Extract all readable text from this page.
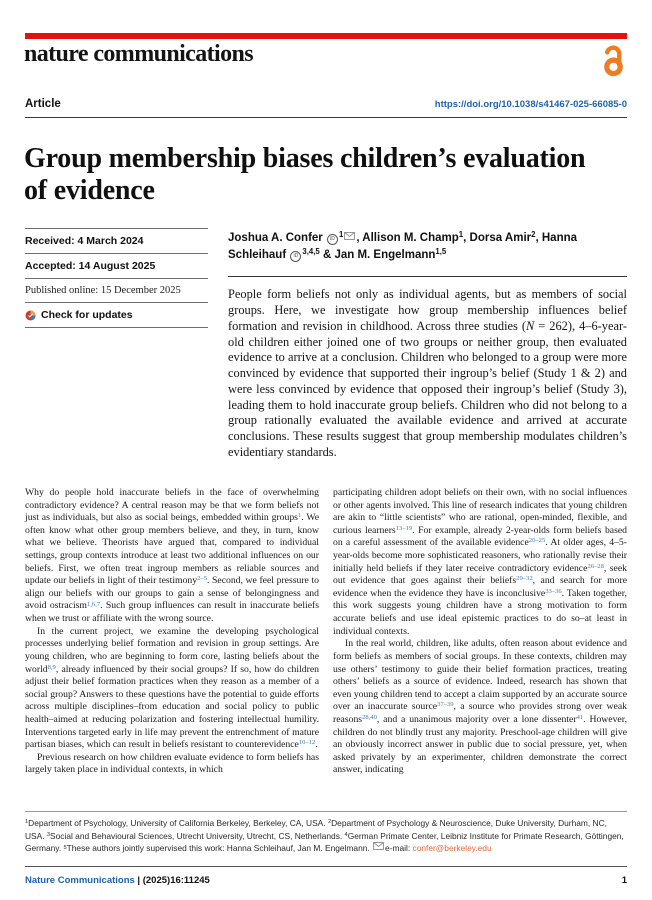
nature communications
Article	https://doi.org/10.1038/s41467-025-66085-0
Group membership biases children’s evaluation of evidence
Received: 4 March 2024
Accepted: 14 August 2025
Published online: 15 December 2025
Check for updates
Joshua A. Confer iD $^1$ , Allison M. Champ$^1$, Dorsa Amir$^2$, Hanna Schleihauf iD $^{3,4,5}$ & Jan M. Engelmann$^{1,5}$
People form beliefs not only as individual agents, but as members of social groups. Here, we investigate how group membership influences belief formation and revision in childhood. Across three studies (N = 262), 4–6-year-old children either joined one of two groups or neither group, then evaluated evidence to arrive at a conclusion. Children who belonged to a group were more convinced by evidence that supported their ingroup’s belief (Study 1 & 2) and were less convinced by evidence that opposed their ingroup’s belief (Study 3), leading them to hold inaccurate group beliefs. Children who did not belong to a group rationally evaluated the available evidence and arrived at accurate conclusions. These results suggest that group membership modulates children’s evidentiary standards.

Why do people hold inaccurate beliefs in the face of overwhelming contradictory evidence? A central reason may be that we form beliefs not just as individuals, but also as social beings, embedded within groups$^1$. We often know what other group members believe, and they, in turn, know what we believe. Theorists have argued that, compared to individual settings, group contexts introduce at least two additional influences on our beliefs. First, we often treat ingroup members as reliable sources and update our beliefs in light of their testimony$^{2-5}$. Second, we feel pressure to align our beliefs with our groups to gain a sense of belongingness and avoid ostracism$^{1,6,7}$. Such group influences can result in inaccurate beliefs when we trust or affiliate with the wrong source.

In the current project, we examine the developing psychological processes underlying belief formation and revision in group settings. Are young children, who are beginning to form core, lasting beliefs about the world$^{8,9}$, already influenced by their social groups? If so, how do children adjust their belief formation practices when they reason as a member of a social group? Answers to these questions have the potential to guide efforts across multiple disciplines–from education and social policy to public health–aimed at reducing polarization and fostering intellectual humility. Interventions targeted early in life may prevent the entrenchment of mature partisan biases, which can result in beliefs resistant to counterevidence$^{10-12}$.

Previous research on how children evaluate evidence to form beliefs has largely taken place in individual contexts, in which

participating children adopt beliefs on their own, with no social influences or other agents involved. This line of research indicates that young children are akin to “little scientists” who are rational, open-minded, flexible, and curious learners$^{13-19}$. For example, already 2-year-olds form beliefs based on a careful assessment of the available evidence$^{20-25}$. At older ages, 4–5-year-olds become more sophisticated reasoners, who rationally revise their initially held beliefs if they later receive contradictory evidence$^{26-28}$, seek out evidence that goes against their beliefs$^{29-32}$, and search for more evidence when the evidence they have is inconclusive$^{33-36}$. Taken together, this work suggests young children have a strong motivation to form accurate beliefs and use ideal epistemic practices to do so–at least in individual contexts.

In the real world, children, like adults, often reason about evidence and form beliefs as members of social groups. In these contexts, children may use others’ testimony to guide their belief formation practices, treating others’ beliefs as a source of evidence. Indeed, research has shown that even young children tend to accept a claim supported by an accurate source over an inaccurate source$^{37-39}$, a source who provides strong over weak reasons$^{28,40}$, and a unanimous majority over a lone dissenter$^{41}$. However, children do not blindly trust any majority. Preschool-age children will give an obviously incorrect answer in public due to social pressure, yet, when asked privately by an experimenter, children demonstrate the correct answer, indicating

$^1$Department of Psychology, University of California Berkeley, Berkeley, CA, USA. $^2$Department of Psychology & Neuroscience, Duke University, Durham, NC, USA. $^3$Social and Behavioural Sciences, Utrecht University, Utrecht, CS, Netherlands. $^4$German Primate Center, Leibniz Institute for Primate Research, Göttingen, Germany. $^5$These authors jointly supervised this work: Hanna Schleihauf, Jan M. Engelmann. e-mail: confer@berkeley.edu
Nature Communications | (2025)16:11245	1
